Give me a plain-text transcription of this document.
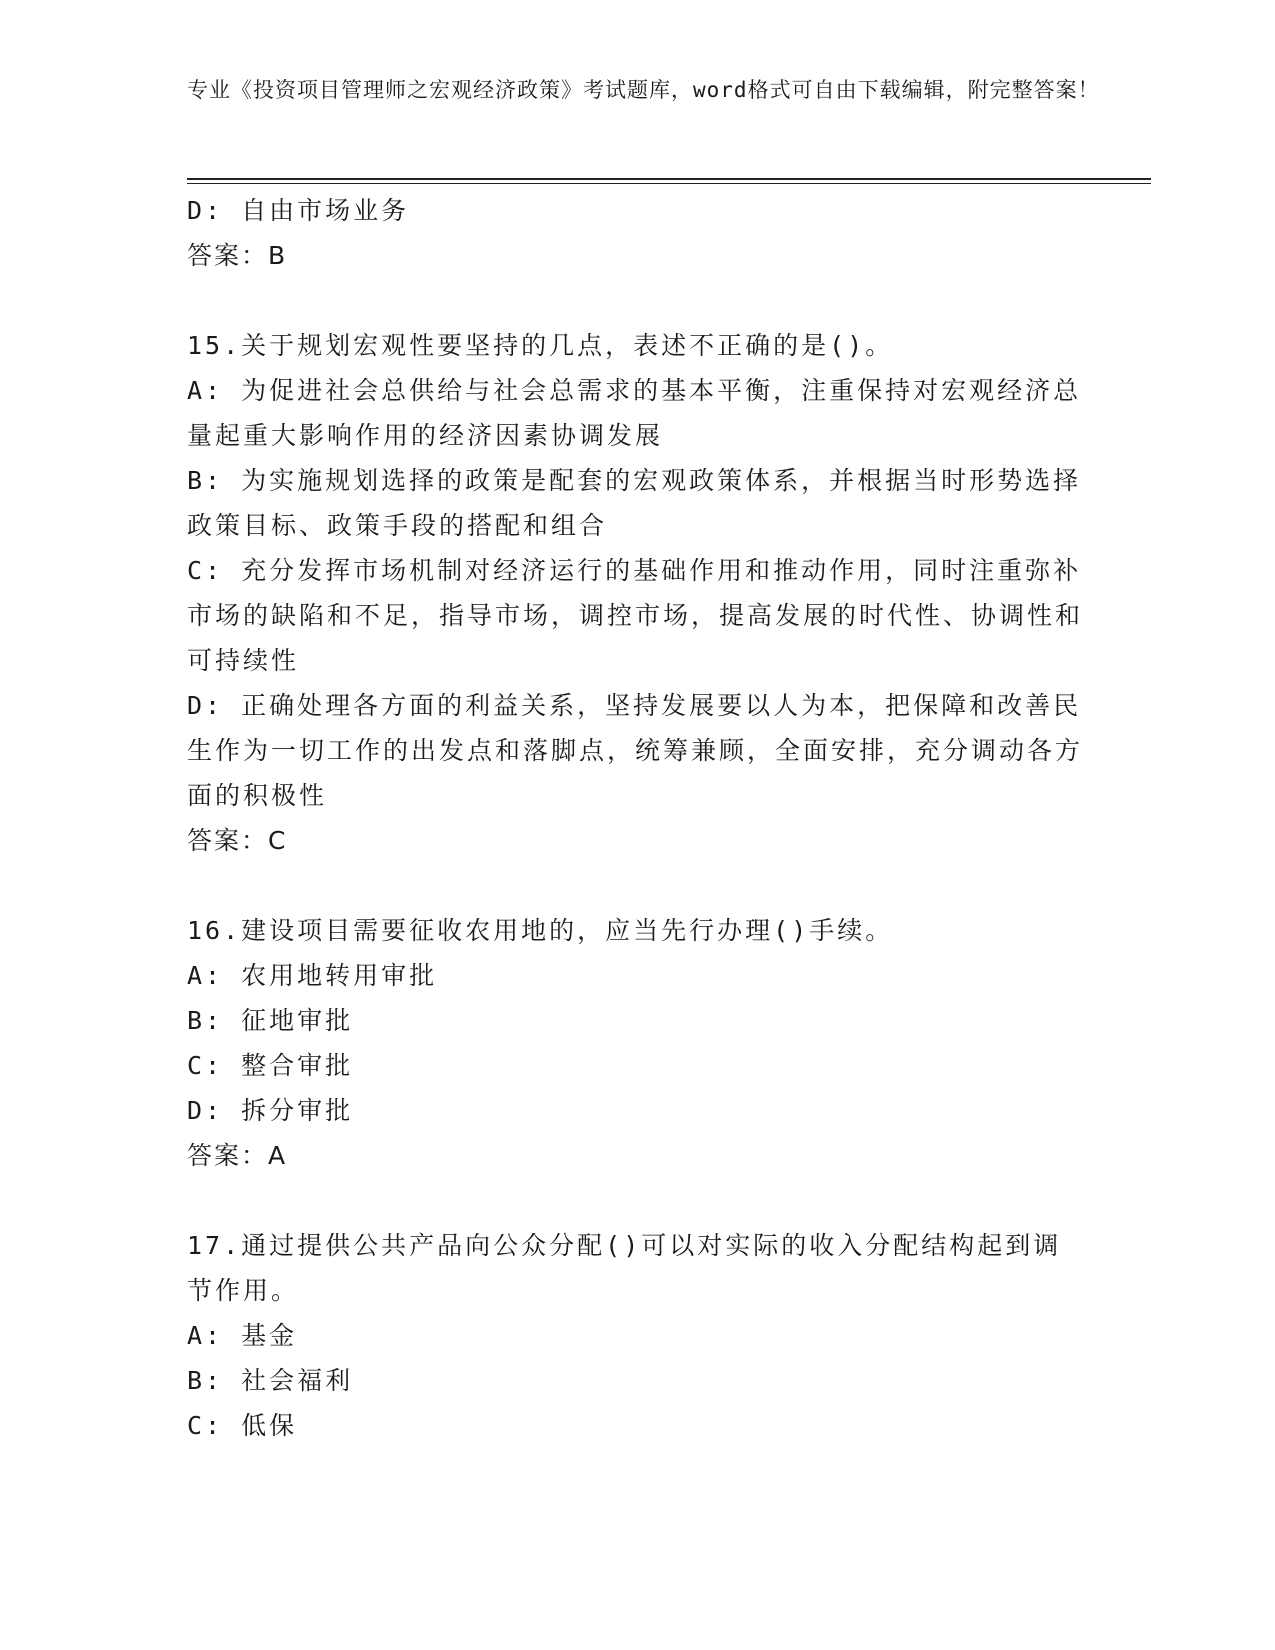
专业《投资项目管理师之宏观经济政策》考试题库，word格式可自由下载编辑，附完整答案！
D: 自由市场业务
答案：B
15.关于规划宏观性要坚持的几点，表述不正确的是()。
A: 为促进社会总供给与社会总需求的基本平衡，注重保持对宏观经济总量起重大影响作用的经济因素协调发展
B: 为实施规划选择的政策是配套的宏观政策体系，并根据当时形势选择政策目标、政策手段的搭配和组合
C: 充分发挥市场机制对经济运行的基础作用和推动作用，同时注重弥补市场的缺陷和不足，指导市场，调控市场，提高发展的时代性、协调性和可持续性
D: 正确处理各方面的利益关系，坚持发展要以人为本，把保障和改善民生作为一切工作的出发点和落脚点，统筹兼顾，全面安排，充分调动各方面的积极性
答案：C
16.建设项目需要征收农用地的，应当先行办理()手续。
A: 农用地转用审批
B: 征地审批
C: 整合审批
D: 拆分审批
答案：A
17.通过提供公共产品向公众分配()可以对实际的收入分配结构起到调节作用。
A: 基金
B: 社会福利
C: 低保
